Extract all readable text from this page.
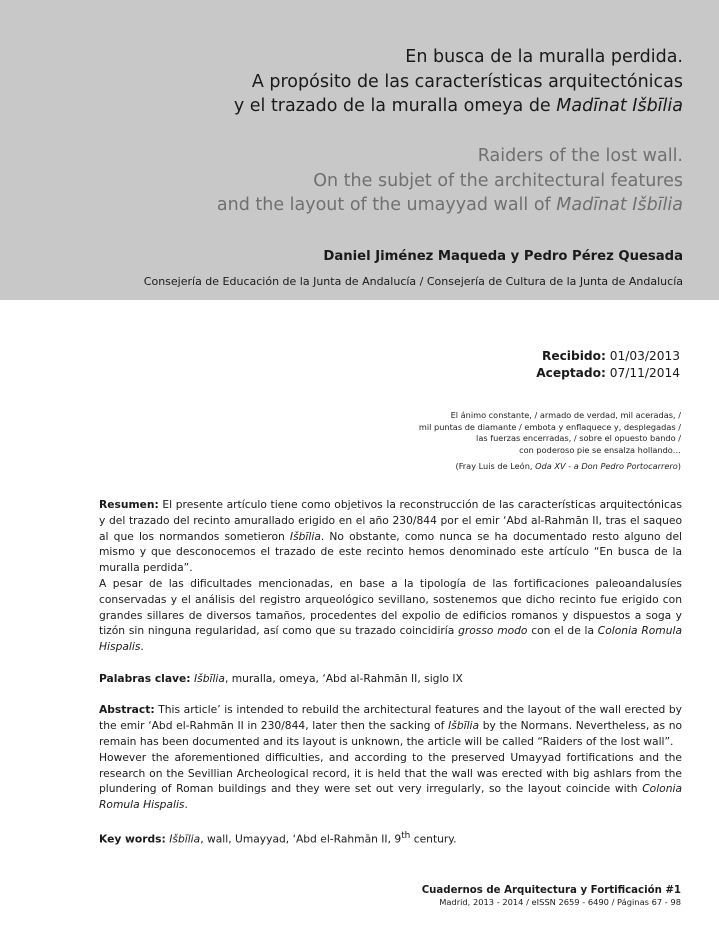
En busca de la muralla perdida.
A propósito de las características arquitectónicas
y el trazado de la muralla omeya de Madīnat Išbīlia
Raiders of the lost wall.
On the subjet of the architectural features
and the layout of the umayyad wall of Madīnat Išbīlia
Daniel Jiménez Maqueda y Pedro Pérez Quesada
Consejería de Educación de la Junta de Andalucía / Consejería de Cultura de la Junta de Andalucía
Recibido: 01/03/2013
Aceptado: 07/11/2014
El ánimo constante, / armado de verdad, mil aceradas, /
mil puntas de diamante / embota y enflaquece y, desplegadas /
las fuerzas encerradas, / sobre el opuesto bando /
con poderoso pie se ensalza hollando…
(Fray Luis de León, Oda XV - a Don Pedro Portocarrero)

Resumen: El presente artículo tiene como objetivos la reconstrucción de las características arquitectónicas y del trazado del recinto amurallado erigido en el año 230/844 por el emir ‘Abd al-Rahmān II, tras el saqueo al que los normandos sometieron Išbīlia. No obstante, como nunca se ha documentado resto alguno del mismo y que desconocemos el trazado de este recinto hemos denominado este artículo “En busca de la muralla perdida”.

A pesar de las dificultades mencionadas, en base a la tipología de las fortificaciones paleoandalusíes conservadas y el análisis del registro arqueológico sevillano, sostenemos que dicho recinto fue erigido con grandes sillares de diversos tamaños, procedentes del expolio de edificios romanos y dispuestos a soga y tizón sin ninguna regularidad, así como que su trazado coincidiría grosso modo con el de la Colonia Romula Hispalis.

Palabras clave: Išbīlia, muralla, omeya, ‘Abd al-Rahmān II, siglo IX

Abstract: This article’ is intended to rebuild the architectural features and the layout of the wall erected by the emir ‘Abd el-Rahmān II in 230/844, later then the sacking of Išbīlia by the Normans. Nevertheless, as no remain has been documented and its layout is unknown, the article will be called “Raiders of the lost wall”.

However the aforementioned difficulties, and according to the preserved Umayyad fortifications and the research on the Sevillian Archeological record, it is held that the wall was erected with big ashlars from the plundering of Roman buildings and they were set out very irregularly, so the layout coincide with Colonia Romula Hispalis.

Key words: Išbīlia, wall, Umayyad, ‘Abd el-Rahmān II, 9th century.

Cuadernos de Arquitectura y Fortificación #1
Madrid, 2013 - 2014 / eISSN 2659 - 6490 / Páginas 67 - 98
